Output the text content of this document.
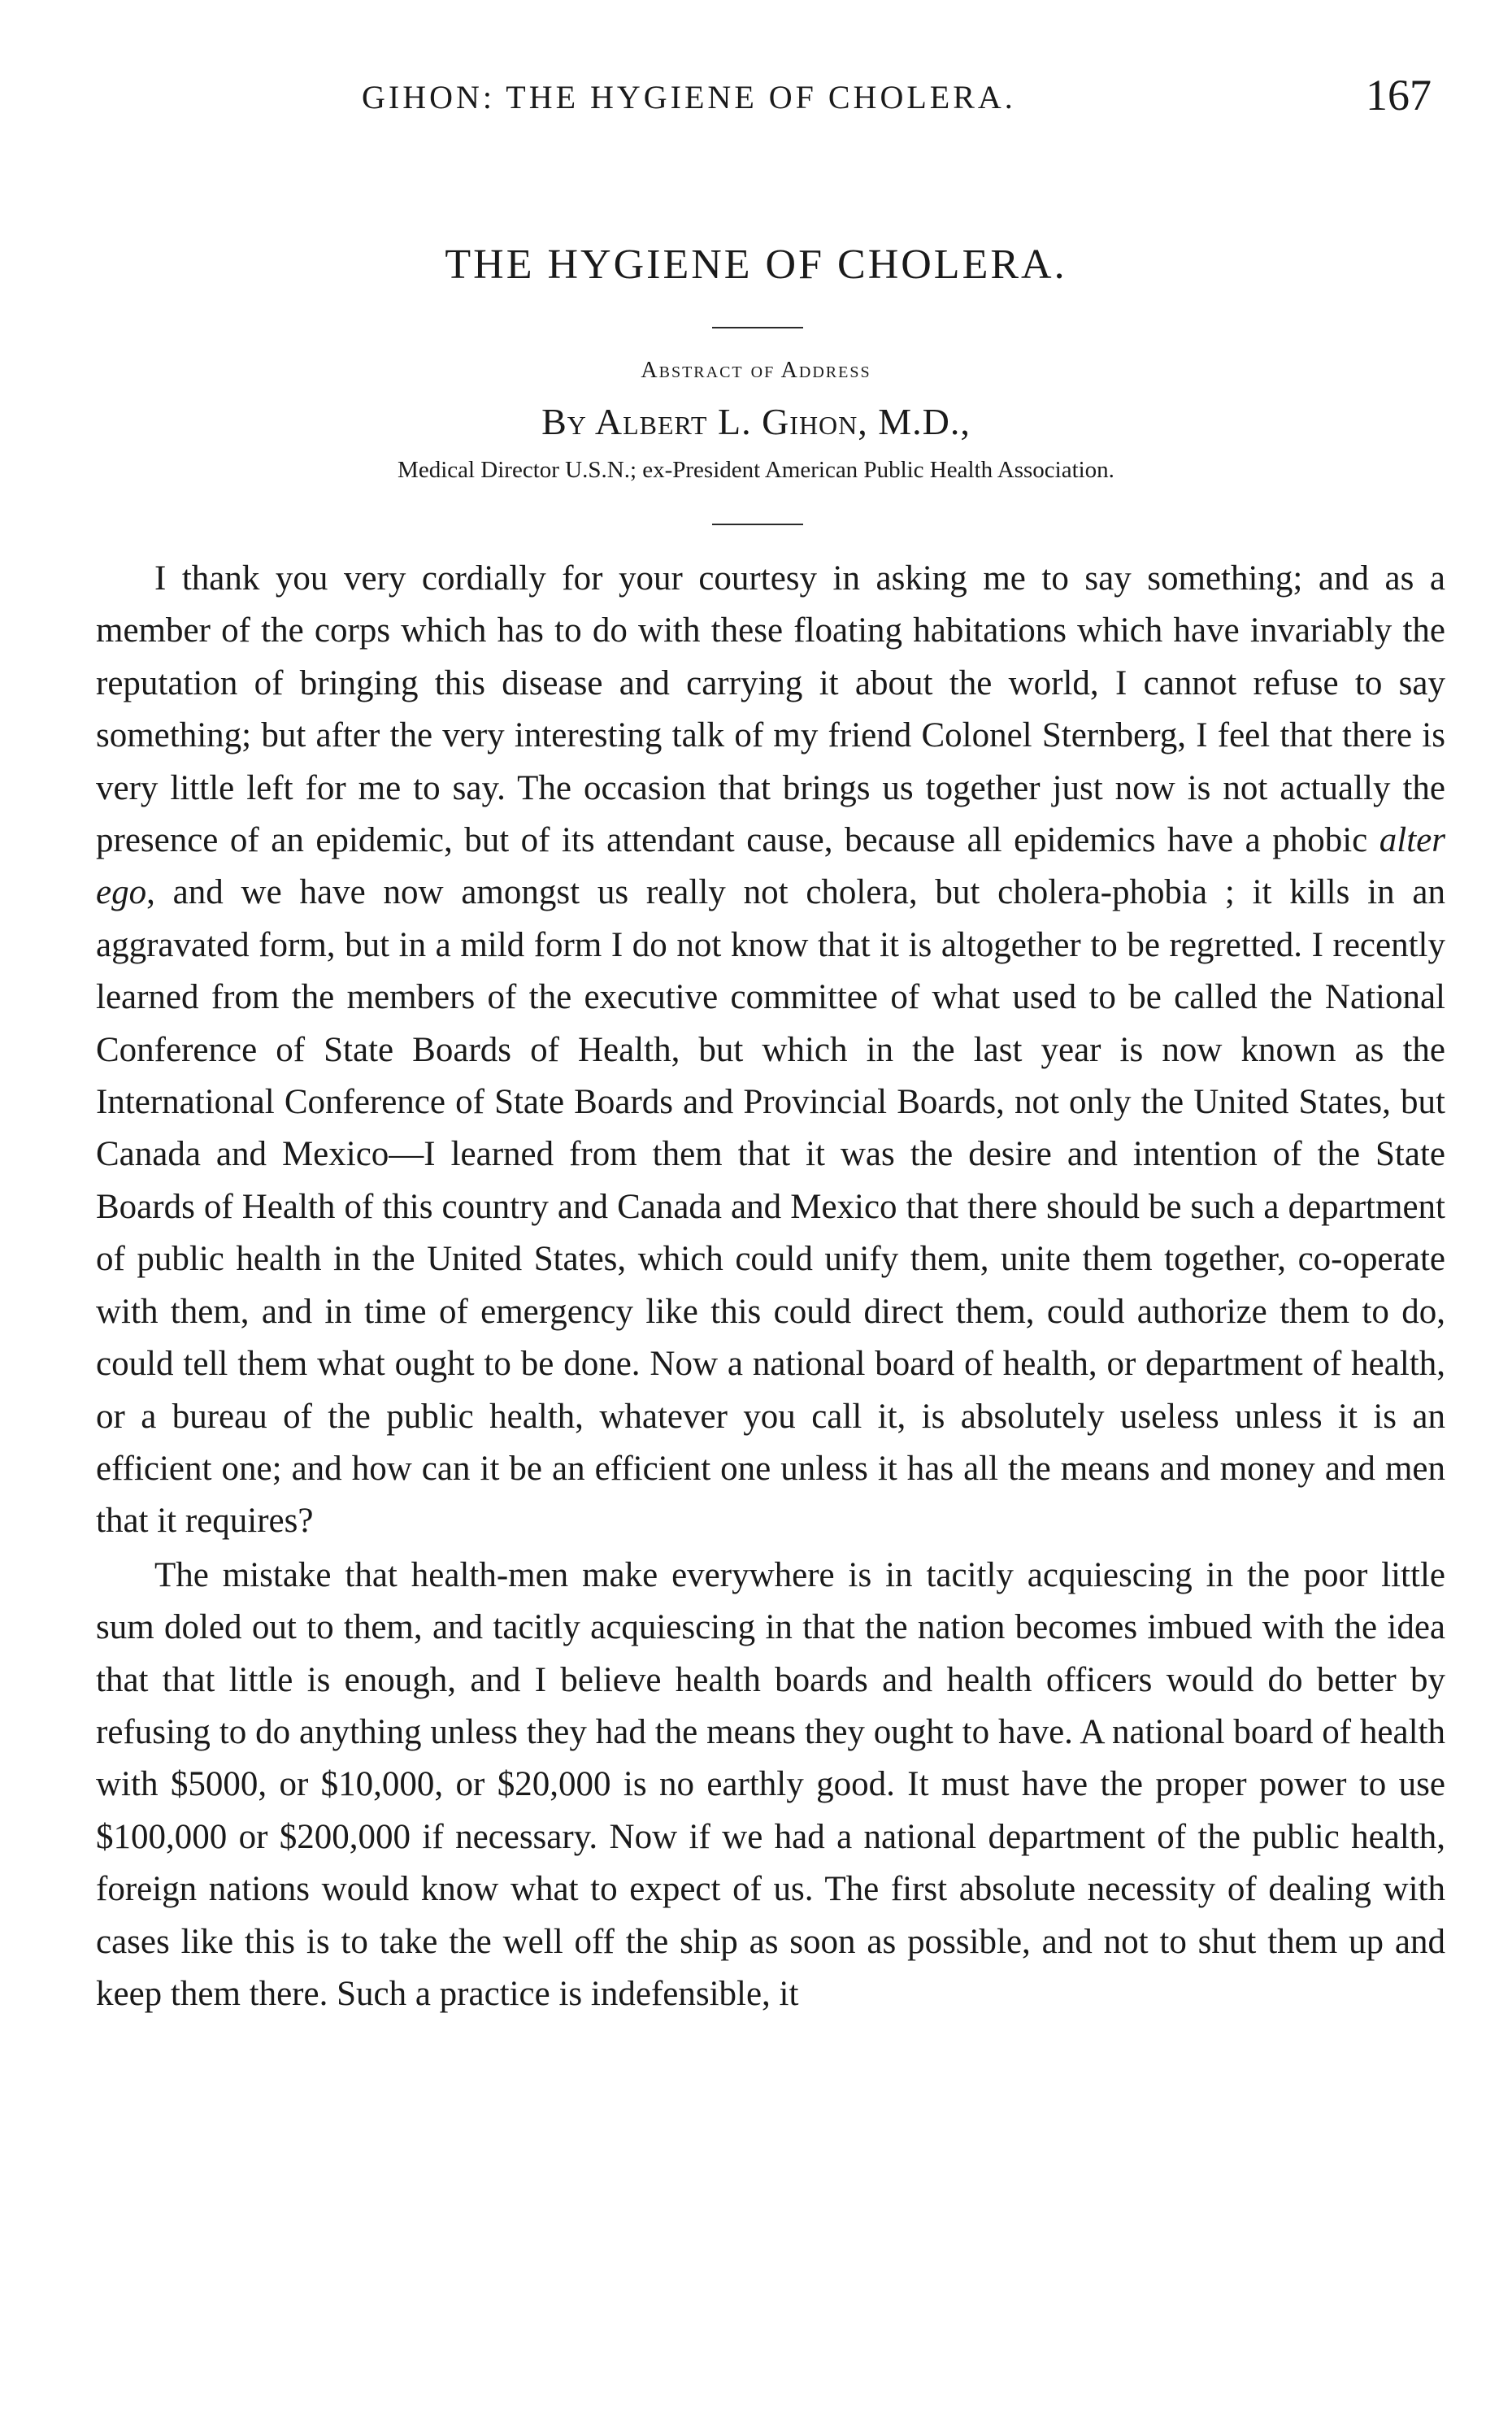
GIHON: THE HYGIENE OF CHOLERA.	167
THE HYGIENE OF CHOLERA.
Abstract of Address
By Albert L. Gihon, M.D.,
Medical Director U.S.N.; ex-President American Public Health Association.

I thank you very cordially for your courtesy in asking me to say something; and as a member of the corps which has to do with these floating habitations which have invariably the reputation of bringing this disease and carrying it about the world, I cannot refuse to say something; but after the very interesting talk of my friend Colonel Sternberg, I feel that there is very little left for me to say. The occasion that brings us together just now is not actually the presence of an epidemic, but of its attendant cause, because all epidemics have a phobic alter ego, and we have now amongst us really not cholera, but cholera-phobia ; it kills in an aggravated form, but in a mild form I do not know that it is altogether to be regretted. I recently learned from the members of the executive committee of what used to be called the National Conference of State Boards of Health, but which in the last year is now known as the International Conference of State Boards and Provincial Boards, not only the United States, but Canada and Mexico—I learned from them that it was the desire and intention of the State Boards of Health of this country and Canada and Mexico that there should be such a department of public health in the United States, which could unify them, unite them together, co-operate with them, and in time of emergency like this could direct them, could authorize them to do, could tell them what ought to be done. Now a national board of health, or department of health, or a bureau of the public health, whatever you call it, is absolutely useless unless it is an efficient one; and how can it be an efficient one unless it has all the means and money and men that it requires?

The mistake that health-men make everywhere is in tacitly acquiescing in the poor little sum doled out to them, and tacitly acquiescing in that the nation becomes imbued with the idea that that little is enough, and I believe health boards and health officers would do better by refusing to do anything unless they had the means they ought to have. A national board of health with $5000, or $10,000, or $20,000 is no earthly good. It must have the proper power to use $100,000 or $200,000 if necessary. Now if we had a national department of the public health, foreign nations would know what to expect of us. The first absolute necessity of dealing with cases like this is to take the well off the ship as soon as possible, and not to shut them up and keep them there. Such a practice is indefensible, it
